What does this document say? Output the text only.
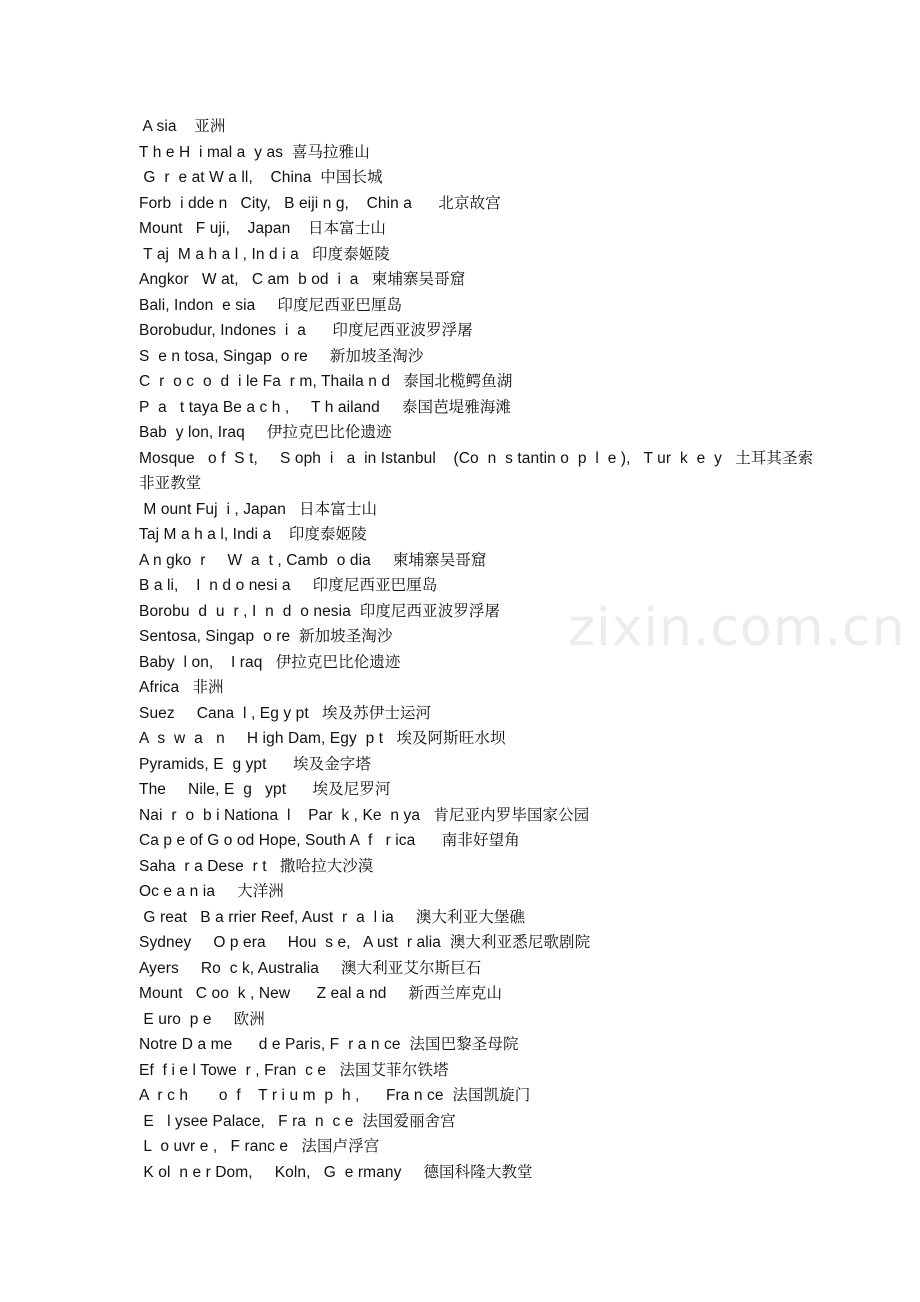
A sia    亚洲
T h e H  i mal a  y as  喜马拉雅山
G  r  e at W a ll,    China  中国长城
Forb  i dde n   City,   B eiji n g,    Chin a      北京故宫
Mount   F uji,    Japan    日本富士山
T aj  M a h a l , In d i a   印度泰姬陵
Angkor   W at,   C am  b od  i  a   柬埔寨吴哥窟
Bali, Indon  e sia     印度尼西亚巴厘岛
Borobudur, Indones  i  a      印度尼西亚波罗浮屠
S  e n tosa, Singap  o re     新加坡圣淘沙
C  r  o c  o  d  i le Fa  r m, Thaila n d   泰国北榄鳄鱼湖
P  a   t taya Be a c h ,     T h ailand     泰国芭堤雅海滩
Bab  y lon, Iraq     伊拉克巴比伦遗迹
Mosque   o f  S t,     S oph  i   a  in Istanbul    (Co  n  s tantin o  p  l  e ),   T ur  k  e  y   土耳其圣索
非亚教堂
M ount Fuj  i , Japan   日本富士山
Taj M a h a l, Indi a    印度泰姬陵
A n gko  r     W  a  t , Camb  o dia     柬埔寨吴哥窟
B a li,    I  n d o nesi a     印度尼西亚巴厘岛
Borobu  d  u  r , I  n  d  o nesia  印度尼西亚波罗浮屠
Sentosa, Singap  o re  新加坡圣淘沙
Baby  l on,    I raq   伊拉克巴比伦遗迹
Africa   非洲
Suez     Cana  l , Eg y pt   埃及苏伊士运河
A  s  w  a   n     H igh Dam, Egy  p t   埃及阿斯旺水坝
Pyramids, E  g ypt      埃及金字塔
The     Nile, E  g   ypt      埃及尼罗河
Nai  r  o  b i Nationa  l    Par  k , Ke  n ya   肯尼亚内罗毕国家公园
Ca p e of G o od Hope, South A  f   r ica      南非好望角
Saha  r a Dese  r t   撒哈拉大沙漠
Oc e a n ia     大洋洲
G reat   B a rrier Reef, Aust  r  a  l ia     澳大利亚大堡礁
Sydney     O p era     Hou  s e,   A ust  r alia  澳大利亚悉尼歌剧院
Ayers     Ro  c k, Australia     澳大利亚艾尔斯巨石
Mount   C oo  k , New      Z eal a nd     新西兰库克山
E uro  p e     欧洲
Notre D a me      d e Paris, F  r a n ce  法国巴黎圣母院
Ef  f i e l Towe  r , Fran  c e   法国艾菲尔铁塔
A  r c h       o  f    T r i u m  p  h ,      Fra n ce  法国凯旋门
E   l ysee Palace,   F ra  n  c e  法国爱丽舍宫
L  o uvr e ,   F ranc e   法国卢浮宫
K ol  n e r Dom,     Koln,   G  e rmany     德国科隆大教堂
zixin.com.cn
